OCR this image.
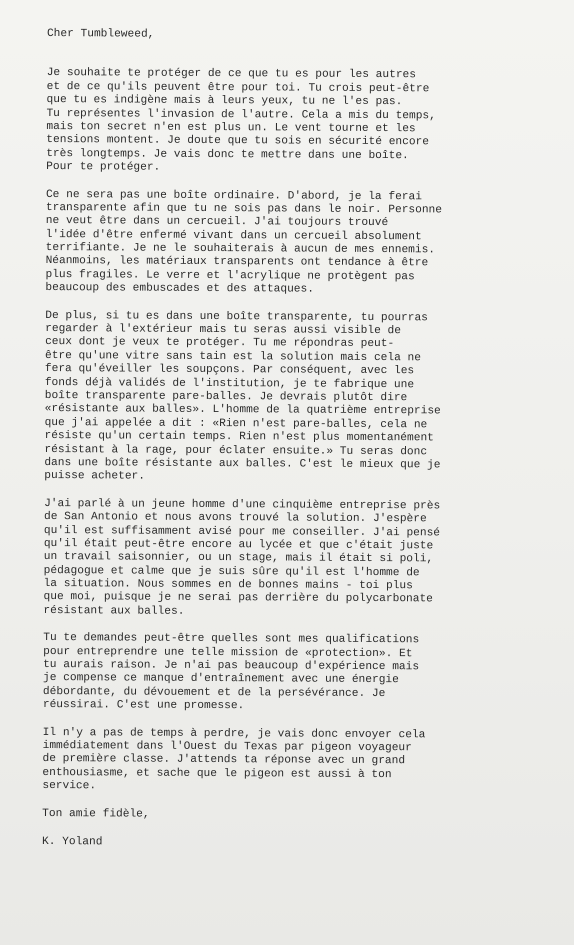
Cher Tumbleweed,
Je souhaite te protéger de ce que tu es pour les autres
et de ce qu'ils peuvent être pour toi. Tu crois peut-être
que tu es indigène mais à leurs yeux, tu ne l'es pas.
Tu représentes l'invasion de l'autre. Cela a mis du temps,
mais ton secret n'en est plus un. Le vent tourne et les
tensions montent. Je doute que tu sois en sécurité encore
très longtemps. Je vais donc te mettre dans une boîte.
Pour te protéger.
Ce ne sera pas une boîte ordinaire. D'abord, je la ferai
transparente afin que tu ne sois pas dans le noir. Personne
ne veut être dans un cercueil. J'ai toujours trouvé
l'idée d'être enfermé vivant dans un cercueil absolument
terrifiante. Je ne le souhaiterais à aucun de mes ennemis.
Néanmoins, les matériaux transparents ont tendance à être
plus fragiles. Le verre et l'acrylique ne protègent pas
beaucoup des embuscades et des attaques.
De plus, si tu es dans une boîte transparente, tu pourras
regarder à l'extérieur mais tu seras aussi visible de
ceux dont je veux te protéger. Tu me répondras peut-
être qu'une vitre sans tain est la solution mais cela ne
fera qu'éveiller les soupçons. Par conséquent, avec les
fonds déjà validés de l'institution, je te fabrique une
boîte transparente pare-balles. Je devrais plutôt dire
«résistante aux balles». L'homme de la quatrième entreprise
que j'ai appelée a dit : «Rien n'est pare-balles, cela ne
résiste qu'un certain temps. Rien n'est plus momentanément
résistant à la rage, pour éclater ensuite.» Tu seras donc
dans une boîte résistante aux balles. C'est le mieux que je
puisse acheter.
J'ai parlé à un jeune homme d'une cinquième entreprise près
de San Antonio et nous avons trouvé la solution. J'espère
qu'il est suffisamment avisé pour me conseiller. J'ai pensé
qu'il était peut-être encore au lycée et que c'était juste
un travail saisonnier, ou un stage, mais il était si poli,
pédagogue et calme que je suis sûre qu'il est l'homme de
la situation. Nous sommes en de bonnes mains - toi plus
que moi, puisque je ne serai pas derrière du polycarbonate
résistant aux balles.
Tu te demandes peut-être quelles sont mes qualifications
pour entreprendre une telle mission de «protection». Et
tu aurais raison. Je n'ai pas beaucoup d'expérience mais
je compense ce manque d'entraînement avec une énergie
débordante, du dévouement et de la persévérance. Je
réussirai. C'est une promesse.
Il n'y a pas de temps à perdre, je vais donc envoyer cela
immédiatement dans l'Ouest du Texas par pigeon voyageur
de première classe. J'attends ta réponse avec un grand
enthousiasme, et sache que le pigeon est aussi à ton
service.
Ton amie fidèle,
K. Yoland
